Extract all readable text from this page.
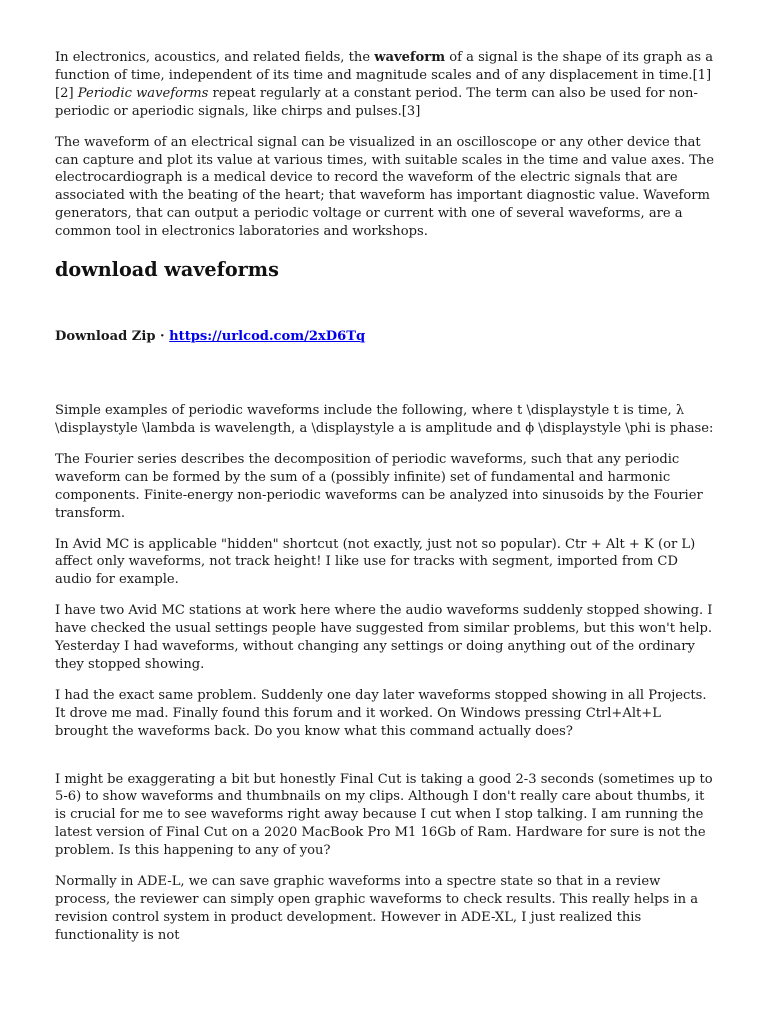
In electronics, acoustics, and related fields, the waveform of a signal is the shape of its graph as a function of time, independent of its time and magnitude scales and of any displacement in time.[1][2] Periodic waveforms repeat regularly at a constant period. The term can also be used for non-periodic or aperiodic signals, like chirps and pulses.[3]

The waveform of an electrical signal can be visualized in an oscilloscope or any other device that can capture and plot its value at various times, with suitable scales in the time and value axes. The electrocardiograph is a medical device to record the waveform of the electric signals that are associated with the beating of the heart; that waveform has important diagnostic value. Waveform generators, that can output a periodic voltage or current with one of several waveforms, are a common tool in electronics laboratories and workshops.

download waveforms
Download Zip · https://urlcod.com/2xD6Tq

Simple examples of periodic waveforms include the following, where t \displaystyle t is time, λ \displaystyle \lambda is wavelength, a \displaystyle a is amplitude and ϕ \displaystyle \phi is phase:

The Fourier series describes the decomposition of periodic waveforms, such that any periodic waveform can be formed by the sum of a (possibly infinite) set of fundamental and harmonic components. Finite-energy non-periodic waveforms can be analyzed into sinusoids by the Fourier transform.

In Avid MC is applicable "hidden" shortcut (not exactly, just not so popular). Ctr + Alt + K (or L) affect only waveforms, not track height! I like use for tracks with segment, imported from CD audio for example.

I have two Avid MC stations at work here where the audio waveforms suddenly stopped showing. I have checked the usual settings people have suggested from similar problems, but this won't help. Yesterday I had waveforms, without changing any settings or doing anything out of the ordinary they stopped showing.

I had the exact same problem. Suddenly one day later waveforms stopped showing in all Projects. It drove me mad. Finally found this forum and it worked. On Windows pressing Ctrl+Alt+L brought the waveforms back. Do you know what this command actually does?

I might be exaggerating a bit but honestly Final Cut is taking a good 2-3 seconds (sometimes up to 5-6) to show waveforms and thumbnails on my clips. Although I don't really care about thumbs, it is crucial for me to see waveforms right away because I cut when I stop talking. I am running the latest version of Final Cut on a 2020 MacBook Pro M1 16Gb of Ram. Hardware for sure is not the problem. Is this happening to any of you?

Normally in ADE-L, we can save graphic waveforms into a spectre state so that in a review process, the reviewer can simply open graphic waveforms to check results. This really helps in a revision control system in product development. However in ADE-XL, I just realized this functionality is not
